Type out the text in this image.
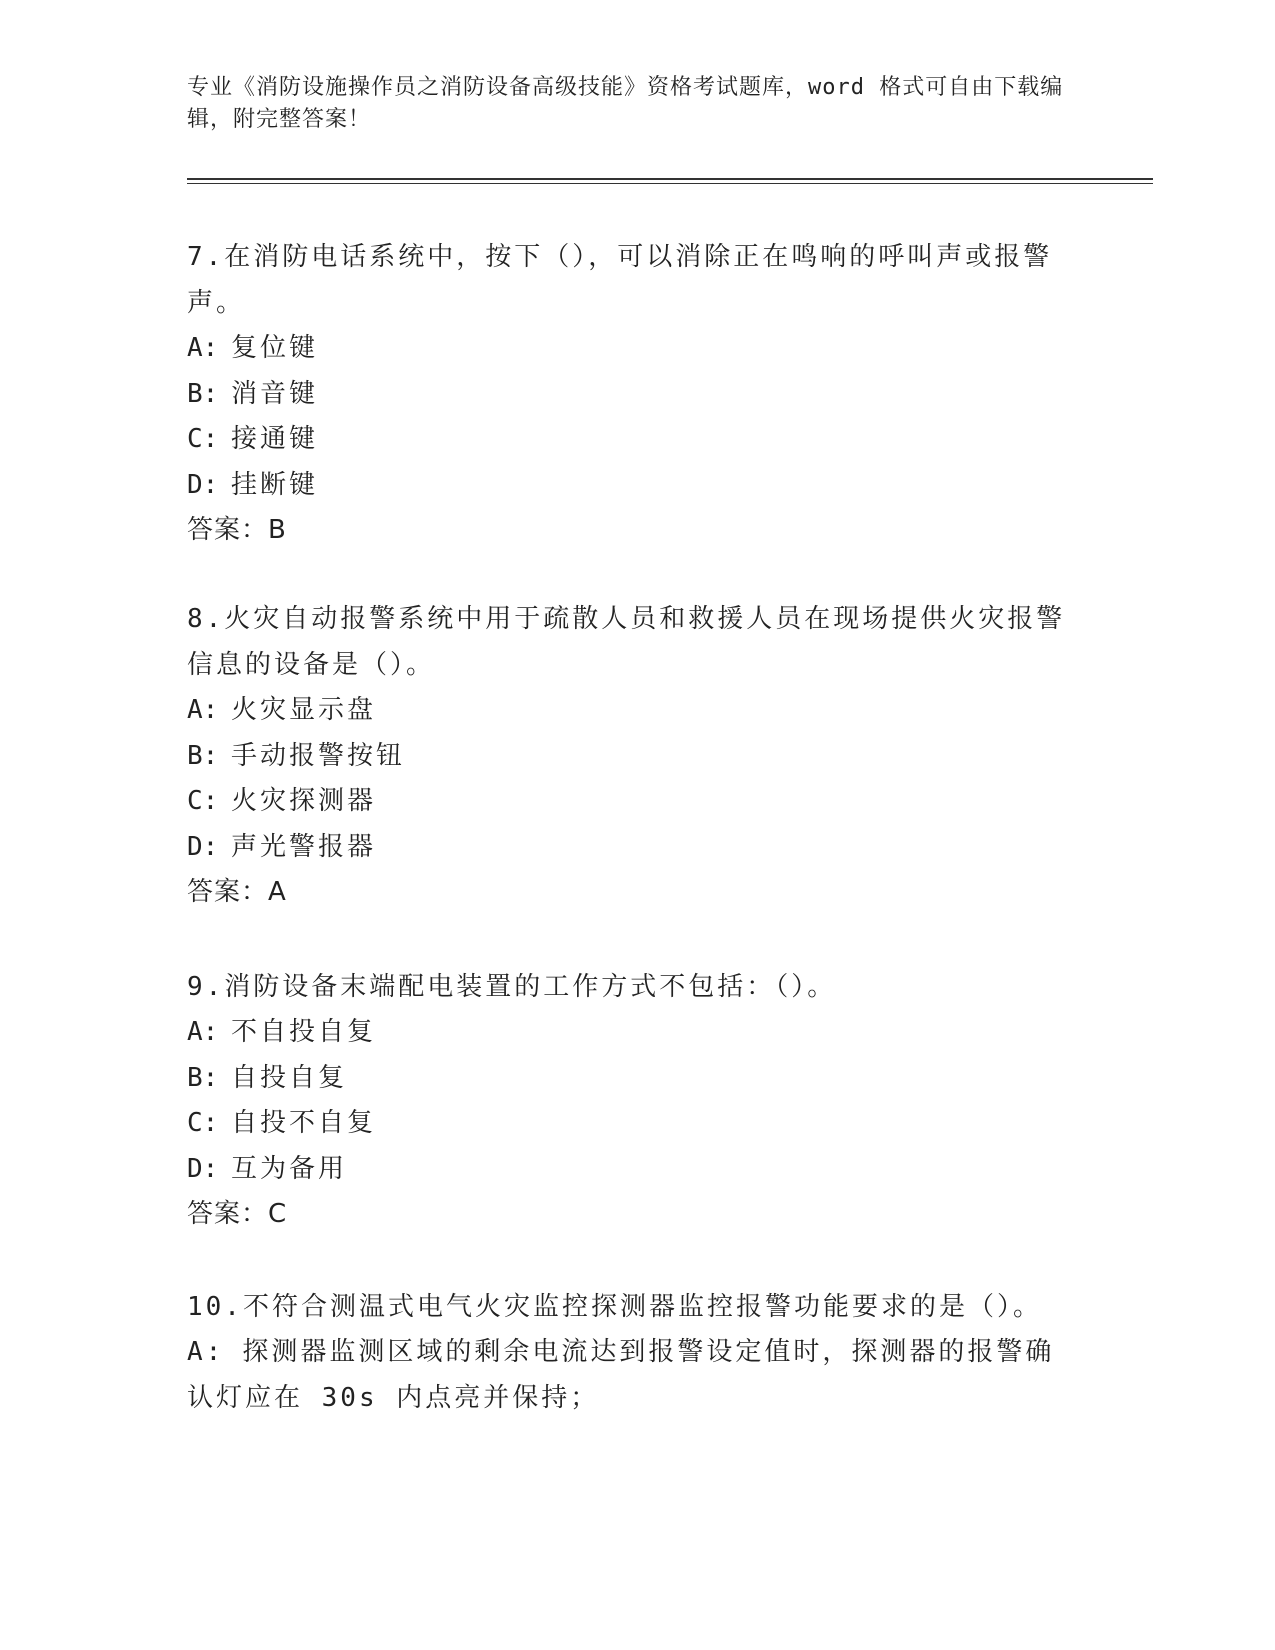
专业《消防设施操作员之消防设备高级技能》资格考试题库，word 格式可自由下载编辑，附完整答案！
7.在消防电话系统中，按下（），可以消除正在鸣响的呼叫声或报警声。
A: 复位键
B: 消音键
C: 接通键
D: 挂断键
答案：B
8.火灾自动报警系统中用于疏散人员和救援人员在现场提供火灾报警信息的设备是（）。
A: 火灾显示盘
B: 手动报警按钮
C: 火灾探测器
D: 声光警报器
答案：A
9.消防设备末端配电装置的工作方式不包括：（）。
A: 不自投自复
B: 自投自复
C: 自投不自复
D: 互为备用
答案：C
10.不符合测温式电气火灾监控探测器监控报警功能要求的是（）。
A: 探测器监测区域的剩余电流达到报警设定值时，探测器的报警确认灯应在 30s 内点亮并保持；
